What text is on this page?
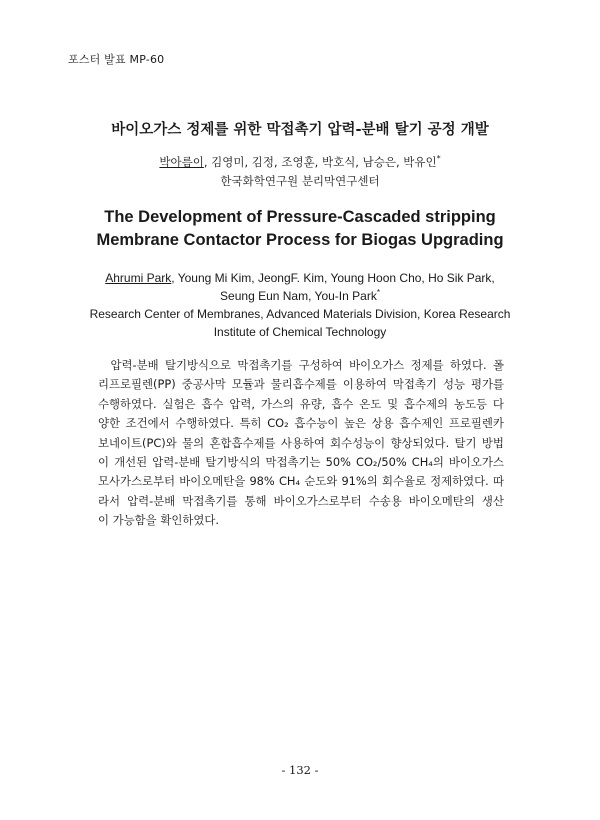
포스터 발표 MP-60
바이오가스 정제를 위한 막접촉기 압력-분배 탈기 공정 개발
박아름이, 김영미, 김정, 조영훈, 박호식, 남승은, 박유인*
한국화학연구원 분리막연구센터
The Development of Pressure-Cascaded stripping
Membrane Contactor Process for Biogas Upgrading
Ahrumi Park, Young Mi Kim, JeongF. Kim, Young Hoon Cho, Ho Sik Park,
Seung Eun Nam, You-In Park*
Research Center of Membranes, Advanced Materials Division, Korea Research
Institute of Chemical Technology
압력-분배 탈기방식으로 막접촉기를 구성하여 바이오가스 정제를 하였다. 폴
리프로필렌(PP) 중공사막 모듈과 물리흡수제를 이용하여 막접촉기 성능 평가를
수행하였다. 실험은 흡수 압력, 가스의 유량, 흡수 온도 및 흡수제의 농도등 다
양한 조건에서 수행하였다. 특히 CO₂ 흡수능이 높은 상용 흡수제인 프로필렌카
보네이트(PC)와 물의 혼합흡수제를 사용하여 회수성능이 향상되었다. 탈기 방법
이 개선된 압력-분배 탈기방식의 막접촉기는 50% CO₂/50% CH₄의 바이오가스
모사가스로부터 바이오메탄을 98% CH₄ 순도와 91%의 회수율로 정제하였다. 따
라서 압력-분배 막접촉기를 통해 바이오가스로부터 수송용 바이오메탄의 생산
이 가능함을 확인하였다.
- 132 -
